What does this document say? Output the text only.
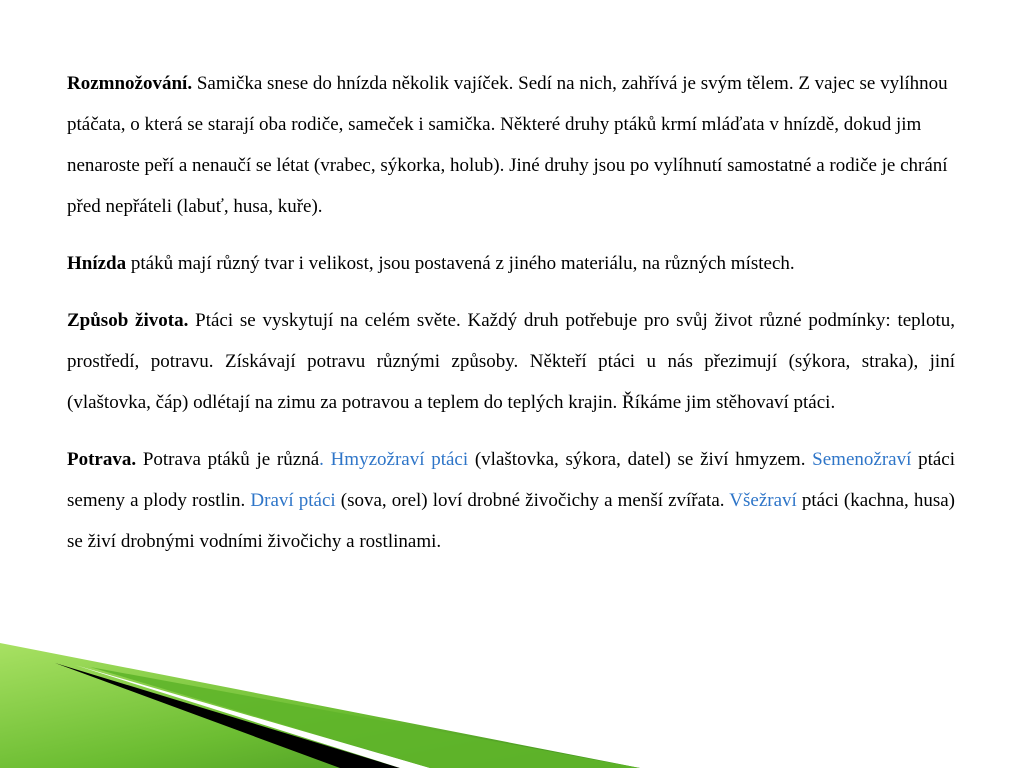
Rozmnožování. Samička snese do hnízda několik vajíček. Sedí na nich, zahřívá je svým tělem. Z vajec se vylíhnou ptáčata, o která se starají oba rodiče, sameček i samička. Některé druhy ptáků krmí mláďata v hnízdě, dokud jim nenaroste peří a nenaučí se létat (vrabec, sýkorka, holub). Jiné druhy jsou po vylíhnutí samostatné a rodiče je chrání před nepřáteli (labuť, husa, kuře).

Hnízda ptáků mají různý tvar i velikost, jsou postavená z jiného materiálu, na různých místech.

Způsob života. Ptáci se vyskytují na celém světe. Každý druh potřebuje pro svůj život různé podmínky: teplotu, prostředí, potravu. Získávají potravu různými způsoby. Někteří ptáci u nás přezimují (sýkora, straka), jiní (vlaštovka, čáp) odlétají na zimu za potravou a teplem do teplých krajin. Říkáme jim stěhovaví ptáci.

Potrava. Potrava ptáků je různá. Hmyzožraví ptáci (vlaštovka, sýkora, datel) se živí hmyzem. Semenožraví ptáci semeny a plody rostlin. Draví ptáci (sova, orel) loví drobné živočichy a menší zvířata. Všežraví ptáci (kachna, husa) se živí drobnými vodními živočichy a rostlinami.
